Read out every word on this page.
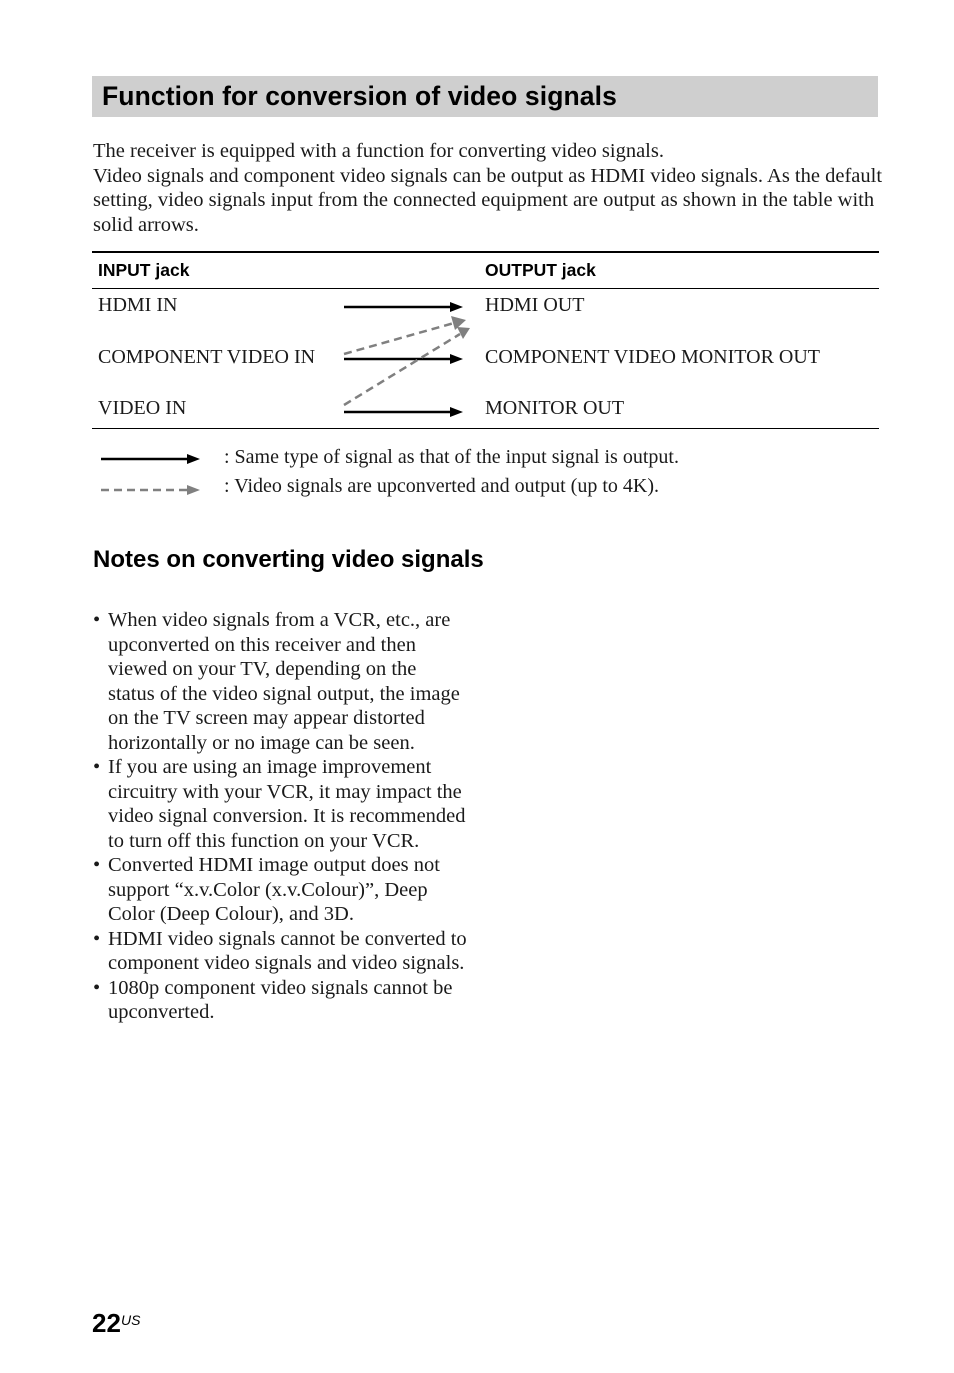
Function for conversion of video signals

The receiver is equipped with a function for converting video signals.

Video signals and component video signals can be output as HDMI video signals. As the default setting, video signals input from the connected equipment are output as shown in the table with solid arrows.

INPUT jack	OUTPUT jack
HDMI IN
COMPONENT VIDEO IN
VIDEO IN
HDMI OUT
COMPONENT VIDEO MONITOR OUT
MONITOR OUT
: Same type of signal as that of the input signal is output.
: Video signals are upconverted and output (up to 4K).
Notes on converting video signals
• When video signals from a VCR, etc., are upconverted on this receiver and then viewed on your TV, depending on the status of the video signal output, the image on the TV screen may appear distorted horizontally or no image can be seen.
• If you are using an image improvement circuitry with your VCR, it may impact the video signal conversion. It is recommended to turn off this function on your VCR.
• Converted HDMI image output does not support “x.v.Color (x.v.Colour)”, Deep Color (Deep Colour), and 3D.
• HDMI video signals cannot be converted to component video signals and video signals.
• 1080p component video signals cannot be upconverted.
22 US
